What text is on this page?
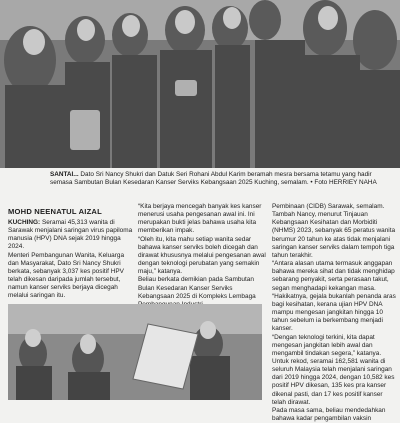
SANTAI... Dato Sri Nancy Shukri dan Datuk Seri Rohani Abdul Karim beramah mesra bersama tetamu yang hadir semasa Sambutan Bulan Kesedaran Kanser Serviks Kebangsaan 2025 Kuching, semalam. • Foto HERRIEY NAHA
MOHD NEENATUL AIZAL

KUCHING: Seramai 45,313 wanita di Sarawak menjalani saringan virus papiloma manusia (HPV) DNA sejak 2019 hingga 2024.

Menteri Pembangunan Wanita, Keluarga dan Masyarakat, Dato Sri Nancy Shukri berkata, sebanyak 3,037 kes positif HPV telah dikesan daripada jumlah tersebut, namun kanser serviks berjaya dicegah melalui saringan itu.

“Kita berjaya mencegah banyak kes kanser menerusi usaha pengesanan awal ini. Ini merupakan bukti jelas bahawa usaha kita memberikan impak.

“Oleh itu, kita mahu setiap wanita sedar bahawa kanser serviks boleh dicegah dan dirawat khususnya melalui pengesanan awal dengan teknologi perubatan yang semakin maju,” katanya.

Beliau berkata demikian pada Sambutan Bulan Kesedaran Kanser Serviks Kebangsaan 2025 di Kompleks Lembaga

Pembinaan (CIDB) Sarawak, semalam.

Tambah Nancy, menurut Tinjauan Kebangsaan Kesihatan dan Morbiditi (NHMS) 2023, sebanyak 65 peratus wanita berumur 20 tahun ke atas tidak menjalani saringan kanser serviks dalam tempoh tiga tahun terakhir.

“Antara alasan utama termasuk anggapan bahawa mereka sihat dan tidak menghidap sebarang penyakit, serta perasaan takut, segan menghadapi kekangan masa.

“Hakikatnya, gejala bukanlah penanda aras bagi kesihatan, kerana ujian HPV DNA mampu mengesan jangkitan hingga 10 tahun sebelum ia berkembang menjadi kanser.

“Dengan teknologi terkini, kita dapat mengesan jangkitan lebih awal dan mengambil tindakan segera,” katanya.

Untuk rekod, seramai 162,581 wanita di seluruh Malaysia telah menjalani saringan dari 2019 hingga 2024, dengan 10,582 kes positif HPV dikesan, 135 kes pra kanser dikenal pasti, dan 17 kes positif kanser telah dirawat.

Pada masa sama, beliau mendedahkan bahawa kadar pengambilan vaksin
